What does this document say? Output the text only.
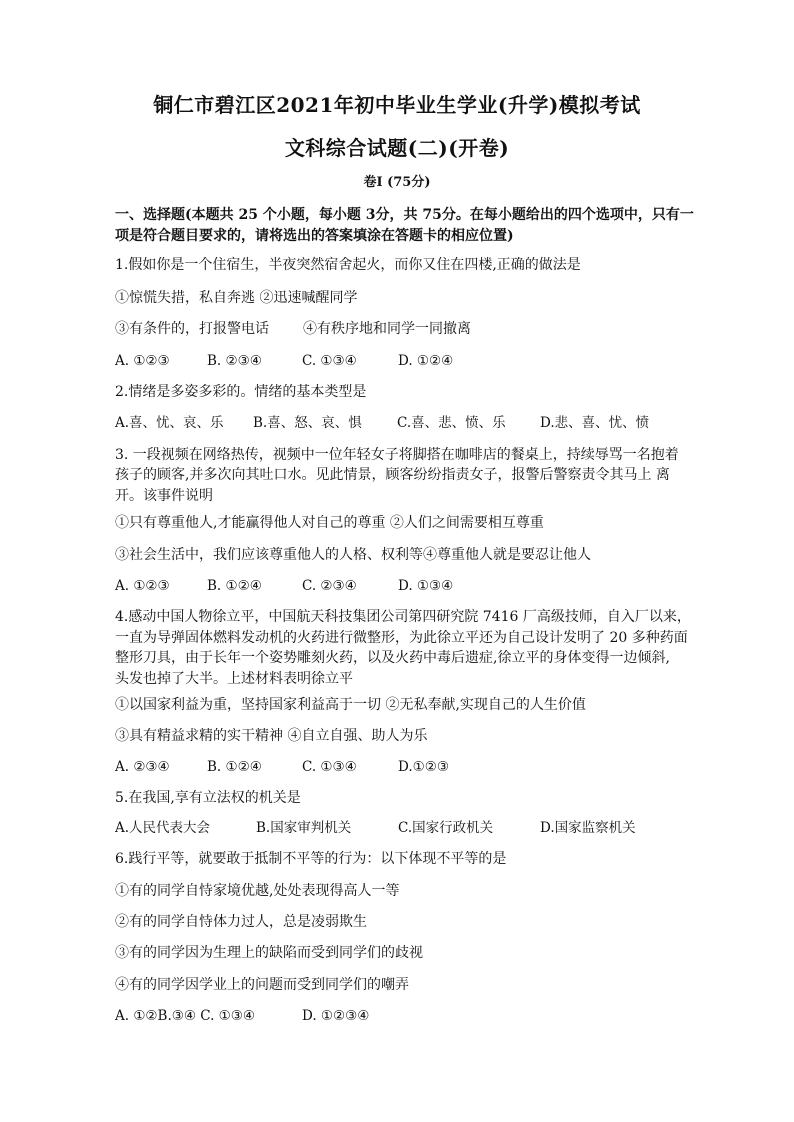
铜仁市碧江区2021年初中毕业生学业(升学)模拟考试
文科综合试题(二)(开卷)
卷Ⅰ (75分)
一、选择题(本题共 25 个小题，每小题 3分，共 75分。在每小题给出的四个选项中，只有一
项是符合题目要求的，请将选出的答案填涂在答题卡的相应位置)
1.假如你是一个住宿生，半夜突然宿舍起火，而你又住在四楼,正确的做法是
①惊慌失措，私自奔逃 ②迅速喊醒同学
③有条件的，打报警电话 ④有秩序地和同学一同撤离
A. ①②③	B. ②③④	C. ①③④	D. ①②④
2.情绪是多姿多彩的。情绪的基本类型是
A.喜、忧、哀、乐 B.喜、怒、哀、惧	C.喜、悲、愤、乐	D.悲、喜、忧、愤
3. 一段视频在网络热传，视频中一位年轻女子将脚搭在咖啡店的餐桌上，持续辱骂一名抱着
孩子的顾客,并多次向其吐口水。见此情景，顾客纷纷指责女子，报警后警察责令其马上 离
开。该事件说明
①只有尊重他人,才能赢得他人对自己的尊重 ②人们之间需要相互尊重
③社会生活中，我们应该尊重他人的人格、权利等④尊重他人就是要忍让他人
A. ①②③	B. ①②④	C. ②③④	D. ①③④
4.感动中国人物徐立平，中国航天科技集团公司第四研究院 7416 厂高级技师，自入厂以来，
一直为导弹固体燃料发动机的火药进行微整形，为此徐立平还为自己设计发明了 20 多种药面
整形刀具，由于长年一个姿势雕刻火药，以及火药中毒后遗症,徐立平的身体变得一边倾斜,
头发也掉了大半。上述材料表明徐立平
①以国家利益为重，坚持国家利益高于一切 ②无私奉献,实现自己的人生价值
③具有精益求精的实干精神 ④自立自强、助人为乐
A. ②③④	B. ①②④	C. ①③④	D.①②③
5.在我国,享有立法权的机关是
A.人民代表大会	B.国家审判机关	C.国家行政机关	D.国家监察机关
6.践行平等，就要敢于抵制不平等的行为：以下体现不平等的是
①有的同学自恃家境优越,处处表现得高人一等
②有的同学自恃体力过人，总是凌弱欺生
③有的同学因为生理上的缺陷而受到同学们的歧视
④有的同学因学业上的问题而受到同学们的嘲弄
A. ①②B.③④ C. ①③④	D. ①②③④
